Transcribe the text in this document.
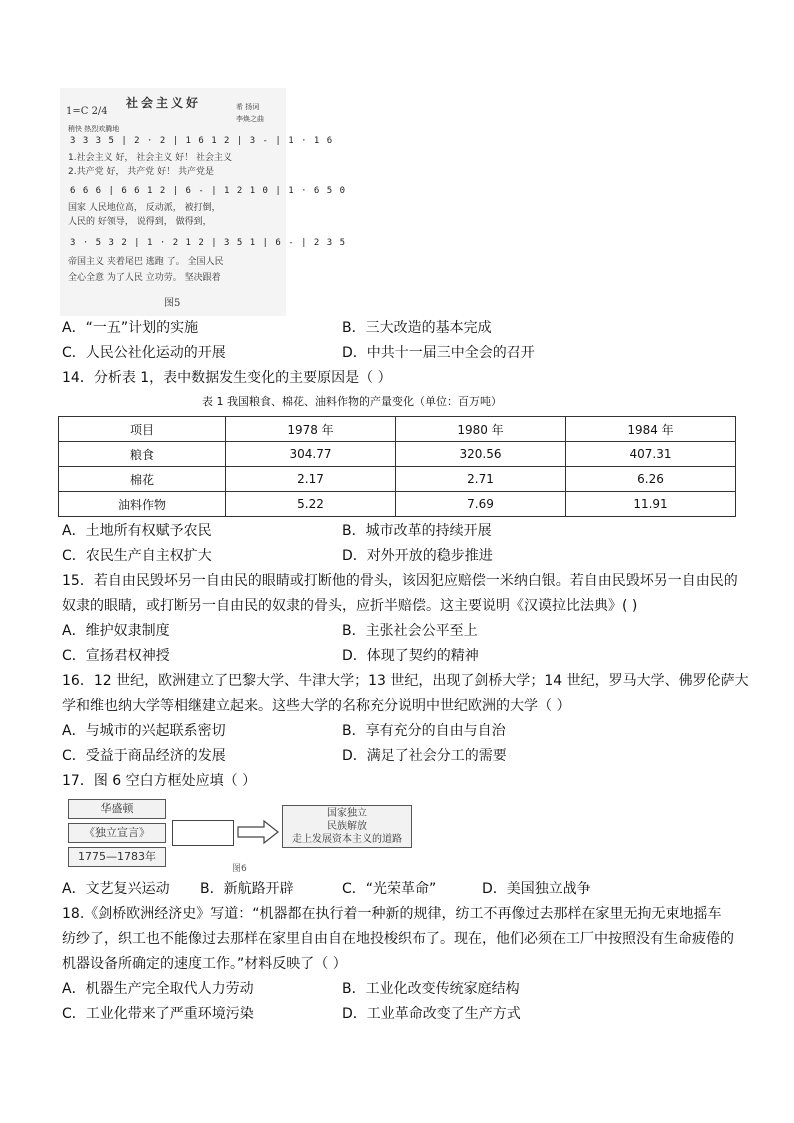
社会主义好
1=C 2/4	希 扬词
李焕之曲
稍快 热烈欢腾地
3 3 3 5 | 2 · 2 | 1 6 1 2 | 3 - | 1 · 1 6
1.社会主义 好， 社会主义 好！ 社会主义
2.共产党 好， 共产党 好！ 共产党是
6 6 6 | 6 6 1 2 | 6 - | 1 2 1 0 | 1 · 6 5 0
国家 人民地位高， 反动派， 被打倒，
人民的 好领导， 说得到， 做得到，
3 · 5 3 2 | 1 · 2 1 2 | 3 5 1 | 6 - | 2 3 5
帝国主义 夹着尾巴 逃跑 了。 全国人民
全心全意 为了人民 立功劳。 坚决跟着
图5
A．“一五”计划的实施	B．三大改造的基本完成
C．人民公社化运动的开展	D．中共十一届三中全会的召开
14．分析表 1，表中数据发生变化的主要原因是（ ）
表 1 我国粮食、棉花、油料作物的产量变化（单位：百万吨）
项目	1978 年	1980 年	1984 年
粮食	304.77	320.56	407.31
棉花	2.17	2.71	6.26
油料作物	5.22	7.69	11.91
A．土地所有权赋予农民	B．城市改革的持续开展
C．农民生产自主权扩大	D．对外开放的稳步推进
15．若自由民毁坏另一自由民的眼睛或打断他的骨头，该因犯应赔偿一米纳白银。若自由民毁坏另一自由民的
奴隶的眼睛，或打断另一自由民的奴隶的骨头，应折半赔偿。这主要说明《汉谟拉比法典》( )
A．维护奴隶制度	B．主张社会公平至上
C．宣扬君权神授	D．体现了契约的精神
16．12 世纪，欧洲建立了巴黎大学、牛津大学；13 世纪，出现了剑桥大学；14 世纪，罗马大学、佛罗伦萨大
学和维也纳大学等相继建立起来。这些大学的名称充分说明中世纪欧洲的大学（ ）
A．与城市的兴起联系密切	B．享有充分的自由与自治
C．受益于商品经济的发展	D．满足了社会分工的需要
17．图 6 空白方框处应填（ ）
华盛顿
《独立宣言》
1775—1783年
国家独立
民族解放
走上发展资本主义的道路
图6
A．文艺复兴运动 B．新航路开辟	C．“光荣革命”	D．美国独立战争
18.《剑桥欧洲经济史》写道：“机器都在执行着一种新的规律，纺工不再像过去那样在家里无拘无束地摇车
纺纱了，织工也不能像过去那样在家里自由自在地投梭织布了。现在，他们必须在工厂中按照没有生命疲倦的
机器设备所确定的速度工作。”材料反映了（ ）
A．机器生产完全取代人力劳动	B．工业化改变传统家庭结构
C．工业化带来了严重环境污染	D．工业革命改变了生产方式
